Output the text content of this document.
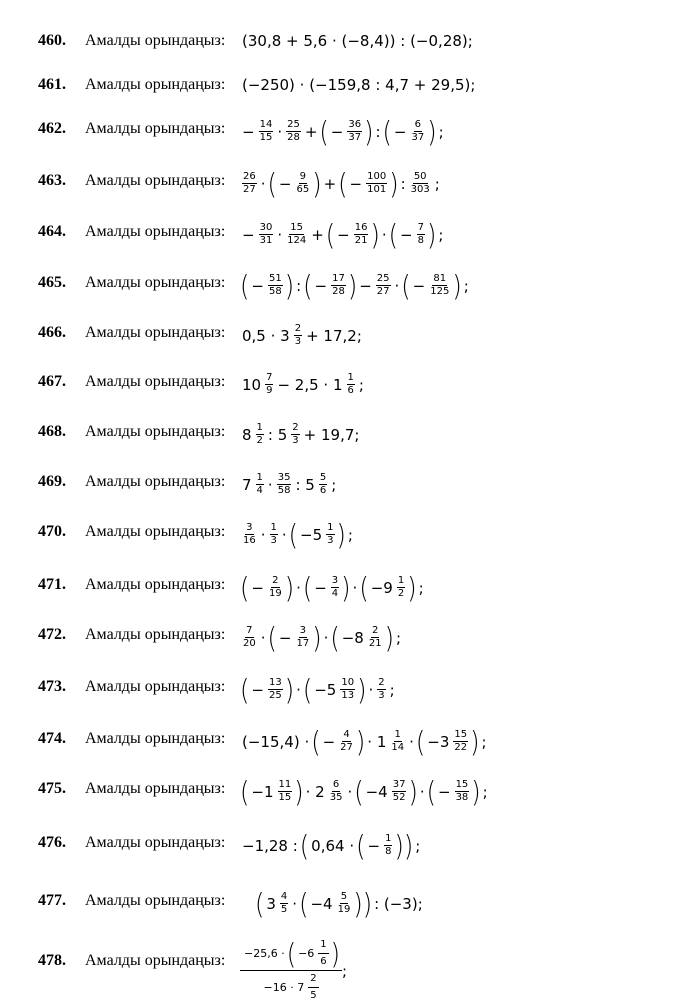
460. Амалды орындаңыз: (30,8 + 5,6 · (−8,4)) : (−0,28);
461. Амалды орындаңыз: (−250) · (−159,8 : 4,7 + 29,5);
462. Амалды орындаңыз: − $\frac{14}{15} \cdot \frac{25}{28}$ + ( − $\frac{36}{37}$ ) : ( − $\frac{6}{37}$ ) ;
463. Амалды орындаңыз: $\frac{26}{27}$ · ( − $\frac{9}{65}$ ) + ( − $\frac{100}{101}$ ) : $\frac{50}{303}$ ;
464. Амалды орындаңыз: − $\frac{30}{31} \cdot \frac{15}{124}$ + ( − $\frac{16}{21}$ ) · ( − $\frac{7}{8}$ ) ;
465. Амалды орындаңыз: ( − $\frac{51}{58}$ ) : ( − $\frac{17}{28}$ ) − $\frac{25}{27}$ · ( − $\frac{81}{125}$ ) ;
466. Амалды орындаңыз: $0,5 \cdot 3 \frac{2}{3} + 17,2$;
467. Амалды орындаңыз: $10 \frac{7}{9} - 2,5 \cdot 1 \frac{1}{6}$ ;
468. Амалды орындаңыз: $8 \frac{1}{2}$ : $5 \frac{2}{3} + 19,7$;
469. Амалды орындаңыз: $7 \frac{1}{4} \cdot \frac{35}{58}$ : $5 \frac{5}{6}$ ;
470. Амалды орындаңыз: $\frac{3}{16} \cdot \frac{1}{3}$ · ( $-5 \frac{1}{3}$ ) ;
471. Амалды орындаңыз: ( − $\frac{2}{19}$ ) · ( − $\frac{3}{4}$ ) · ( $-9 \frac{1}{2}$ ) ;
472. Амалды орындаңыз: $\frac{7}{20}$ · ( − $\frac{3}{17}$ ) · ( $-8 \frac{2}{21}$ ) ;
473. Амалды орындаңыз: ( − $\frac{13}{25}$ ) · ( $-5 \frac{10}{13}$ ) · $\frac{2}{3}$ ;
474. Амалды орындаңыз: (−15,4) · ( − $\frac{4}{27}$ ) · $1 \frac{1}{14}$ · ( $-3 \frac{15}{22}$ ) ;
475. Амалды орындаңыз: ( $-1 \frac{11}{15}$ ) · $2 \frac{6}{35}$ · ( $-4 \frac{37}{52}$ ) · ( − $\frac{15}{38}$ ) ;
476. Амалды орындаңыз: −1,28 : ( 0,64 · ( − $\frac{1}{8}$ ) ) ;
477. Амалды орындаңыз: ( $3 \frac{4}{5}$ · ( $-4 \frac{5}{19}$ ) ) : (−3);
478. Амалды орындаңыз: $\frac{-25,6 \cdot ( -6 \frac{1}{6} )}{-16 \cdot 7 \frac{2}{5}}$ ;
